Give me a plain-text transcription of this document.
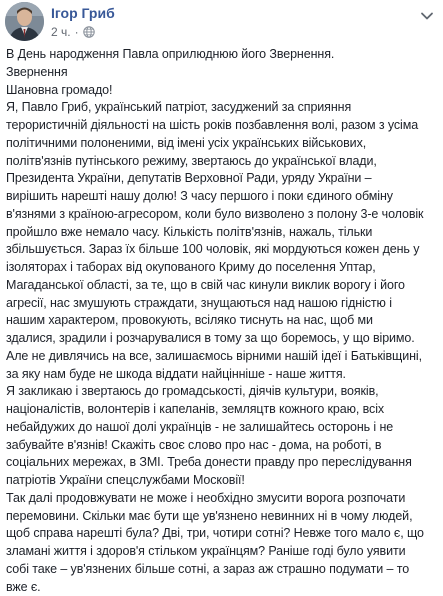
Ігор Гриб
2 ч. ·
В День народження Павла оприлюднюю його Звернення.
Звернення
Шановна громадо!
Я, Павло Гриб, український патріот, засуджений за сприяння
терористичній діяльності на шість років позбавлення волі, разом з усіма
політичними полоненими, від імені усіх українських військових,
політв'язнів путінського режиму, звертаюсь до української влади,
Президента України, депутатів Верховної Ради, уряду України –
вирішить нарешті нашу долю! З часу першого і поки єдиного обміну
в'язнями з країною-агресором, коли було визволено з полону 3-е чоловік
пройшло вже немало часу. Кількість політв'язнів, нажаль, тільки
збільшується. Зараз їх більше 100 чоловік, які мордуються кожен день у
ізоляторах і таборах від окупованого Криму до поселення Уптар,
Магаданської області, за те, що в свій час кинули виклик ворогу і його
агресії, нас змушують страждати, знущаються над нашою гідністю і
нашим характером, провокують, всіляко тиснуть на нас, щоб ми
здалися, зрадили і розчарувалися в тому за що боремось, у що віримо.
Але не дивлячись на все, залишаємось вірними нашій ідеї і Батьківщині,
за яку нам буде не шкода віддати найцінніше - наше життя.
Я закликаю і звертаюсь до громадськості, діячів культури, вояків,
націоналістів, волонтерів і капеланів, земляцтв кожного краю, всіх
небайдужих до нашої долі українців - не залишайтесь осторонь і не
забувайте в'язнів! Скажіть своє слово про нас - дома, на роботі, в
соціальних мережах, в ЗМІ. Треба донести правду про переслідування
патріотів України спецслужбами Московії!
Так далі продовжувати не може і необхідно змусити ворога розпочати
перемовини. Скільки має бути ще ув'язнено невинних ні в чому людей,
щоб справа нарешті була? Дві, три, чотири сотні? Невже того мало є, що
зламані життя і здоров'я стільком українцям? Раніше годі було уявити
собі таке – ув'язнених більше сотні, а зараз аж страшно подумати – то
вже є.
